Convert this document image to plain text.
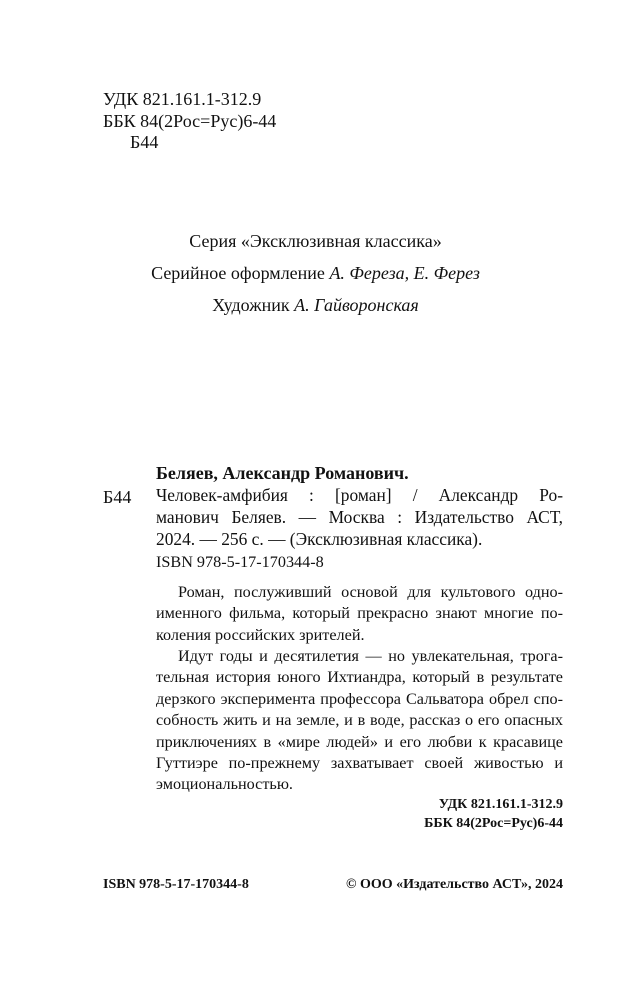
УДК 821.161.1-312.9
ББК 84(2Рос=Рус)6-44
Б44
Серия «Эксклюзивная классика»
Серийное оформление А. Фереза, Е. Ферез
Художник А. Гайворонская
Беляев, Александр Романович.
Б44 Человек-амфибия : [роман] / Александр Ро-
манович Беляев. — Москва : Издательство АСТ,
2024. — 256 с. — (Эксклюзивная классика).
ISBN 978-5-17-170344-8
Роман, послуживший основой для культового одно-
именного фильма, который прекрасно знают многие по-
коления российских зрителей.
Идут годы и десятилетия — но увлекательная, трога-
тельная история юного Ихтиандра, который в результате
дерзкого эксперимента профессора Сальватора обрел спо-
собность жить и на земле, и в воде, рассказ о его опасных
приключениях в «мире людей» и его любви к красавице
Гуттиэре по-прежнему захватывает своей живостью и
эмоциональностью.
УДК 821.161.1-312.9
ББК 84(2Рос=Рус)6-44
ISBN 978-5-17-170344-8	© ООО «Издательство АСТ», 2024
